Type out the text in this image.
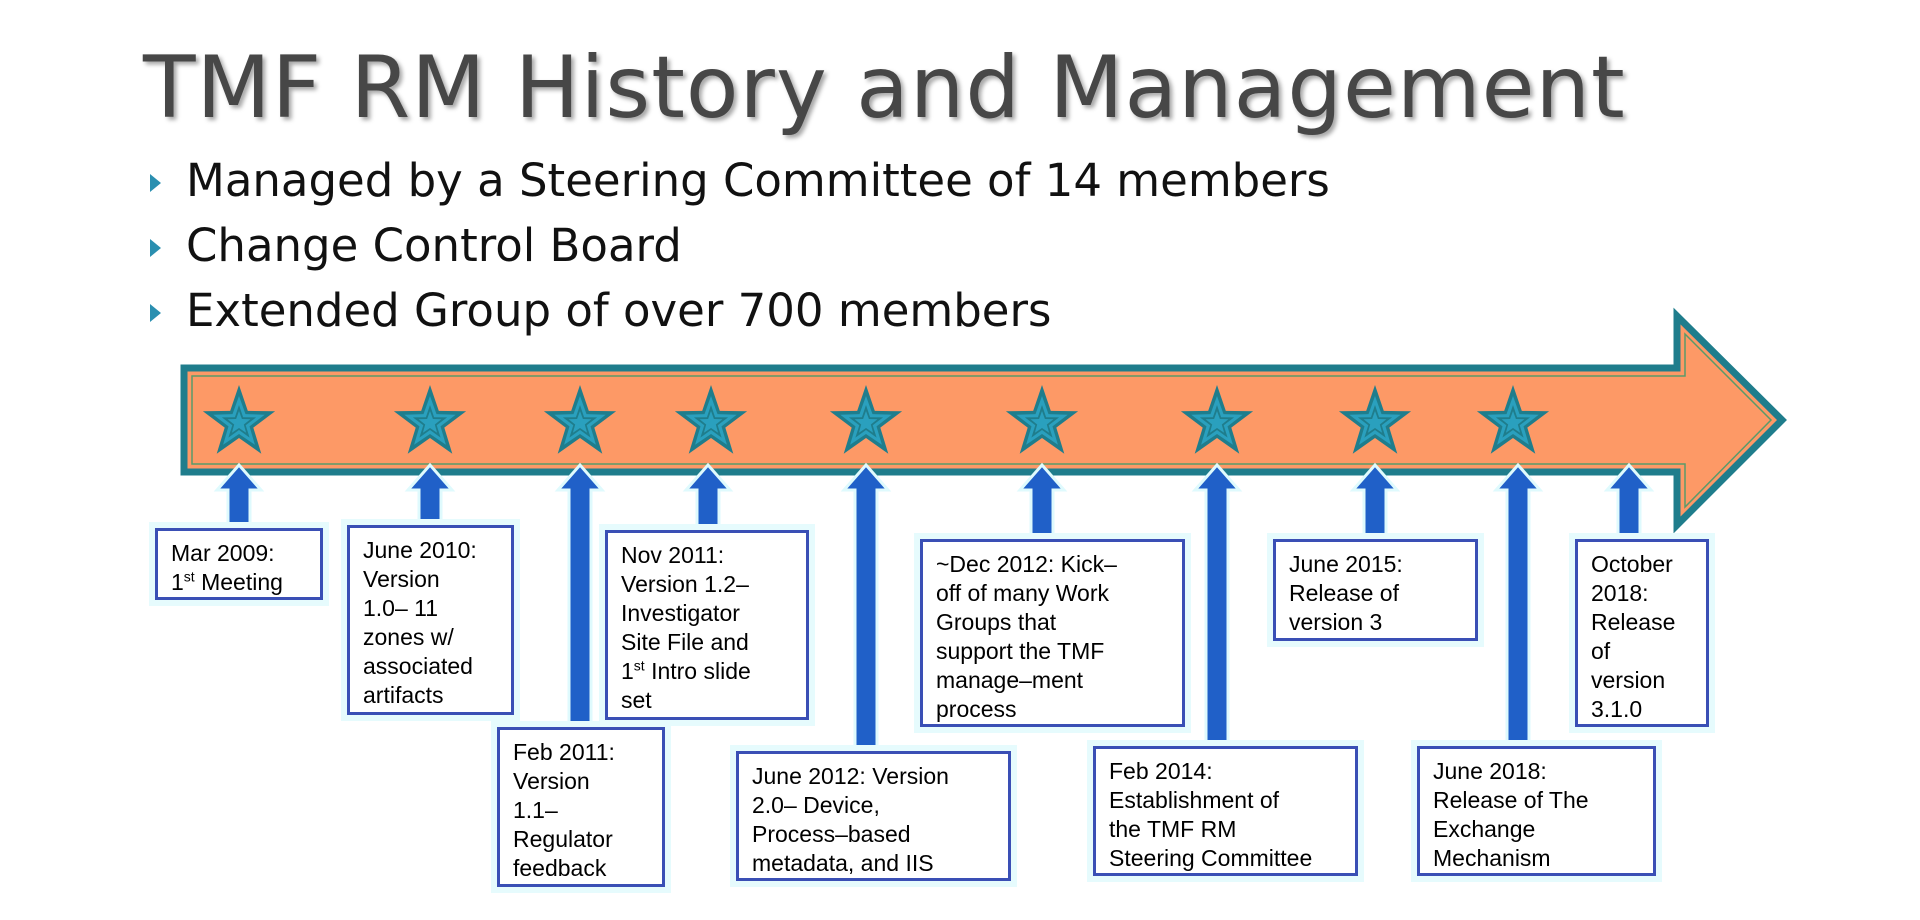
TMF RM History and Management
Managed by a Steering Committee of 14 members
Change Control Board
Extended Group of over 700 members
Mar 2009:
1st Meeting
June 2010:
Version
1.0– 11
zones w/
associated
artifacts
Feb 2011:
Version
1.1–
Regulator
feedback
Nov 2011:
Version 1.2–
Investigator
Site File and
1st Intro slide
set
June 2012: Version
2.0– Device,
Process–based
metadata, and IIS
~Dec 2012: Kick–
off of many Work
Groups that
support the TMF
manage–ment
process
Feb 2014:
Establishment of
the TMF RM
Steering Committee
June 2015:
Release of
version 3
June 2018:
Release of The
Exchange
Mechanism
October
2018:
Release
of
version
3.1.0
